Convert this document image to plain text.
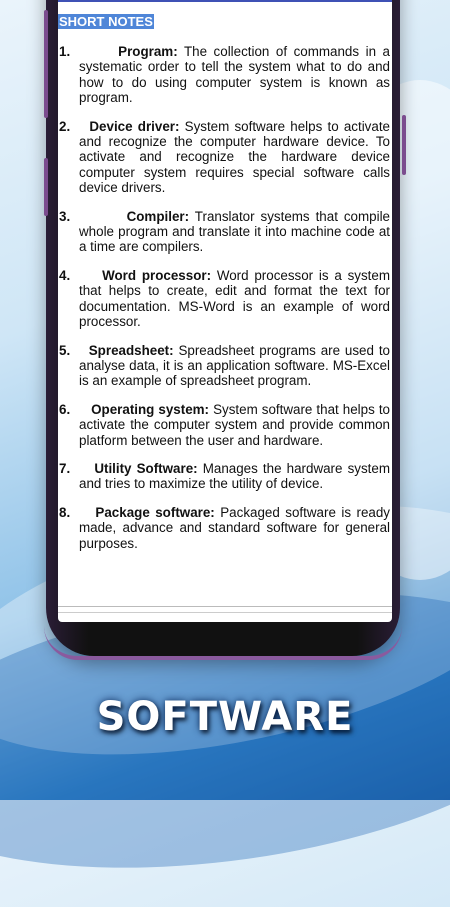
SHORT NOTES
1.	Program: The collection of commands in a systematic order to tell the system what to do and how to do using computer system is known as program.
2.	Device driver: System software helps to activate and recognize the computer hardware device. To activate and recognize the hardware device computer system requires special software calls device drivers.
3.	Compiler: Translator systems that compile whole program and translate it into machine code at a time are compilers.
4.	Word processor: Word processor is a system that helps to create, edit and format the text for documentation. MS-Word is an example of word processor.
5.	Spreadsheet: Spreadsheet programs are used to analyse data, it is an application software. MS-Excel is an example of spreadsheet program.
6.	Operating system: System software that helps to activate the computer system and provide common platform between the user and hardware.
7.	Utility Software: Manages the hardware system and tries to maximize the utility of device.
8.	Package software: Packaged software is ready made, advance and standard software for general purposes.
SOFTWARE
